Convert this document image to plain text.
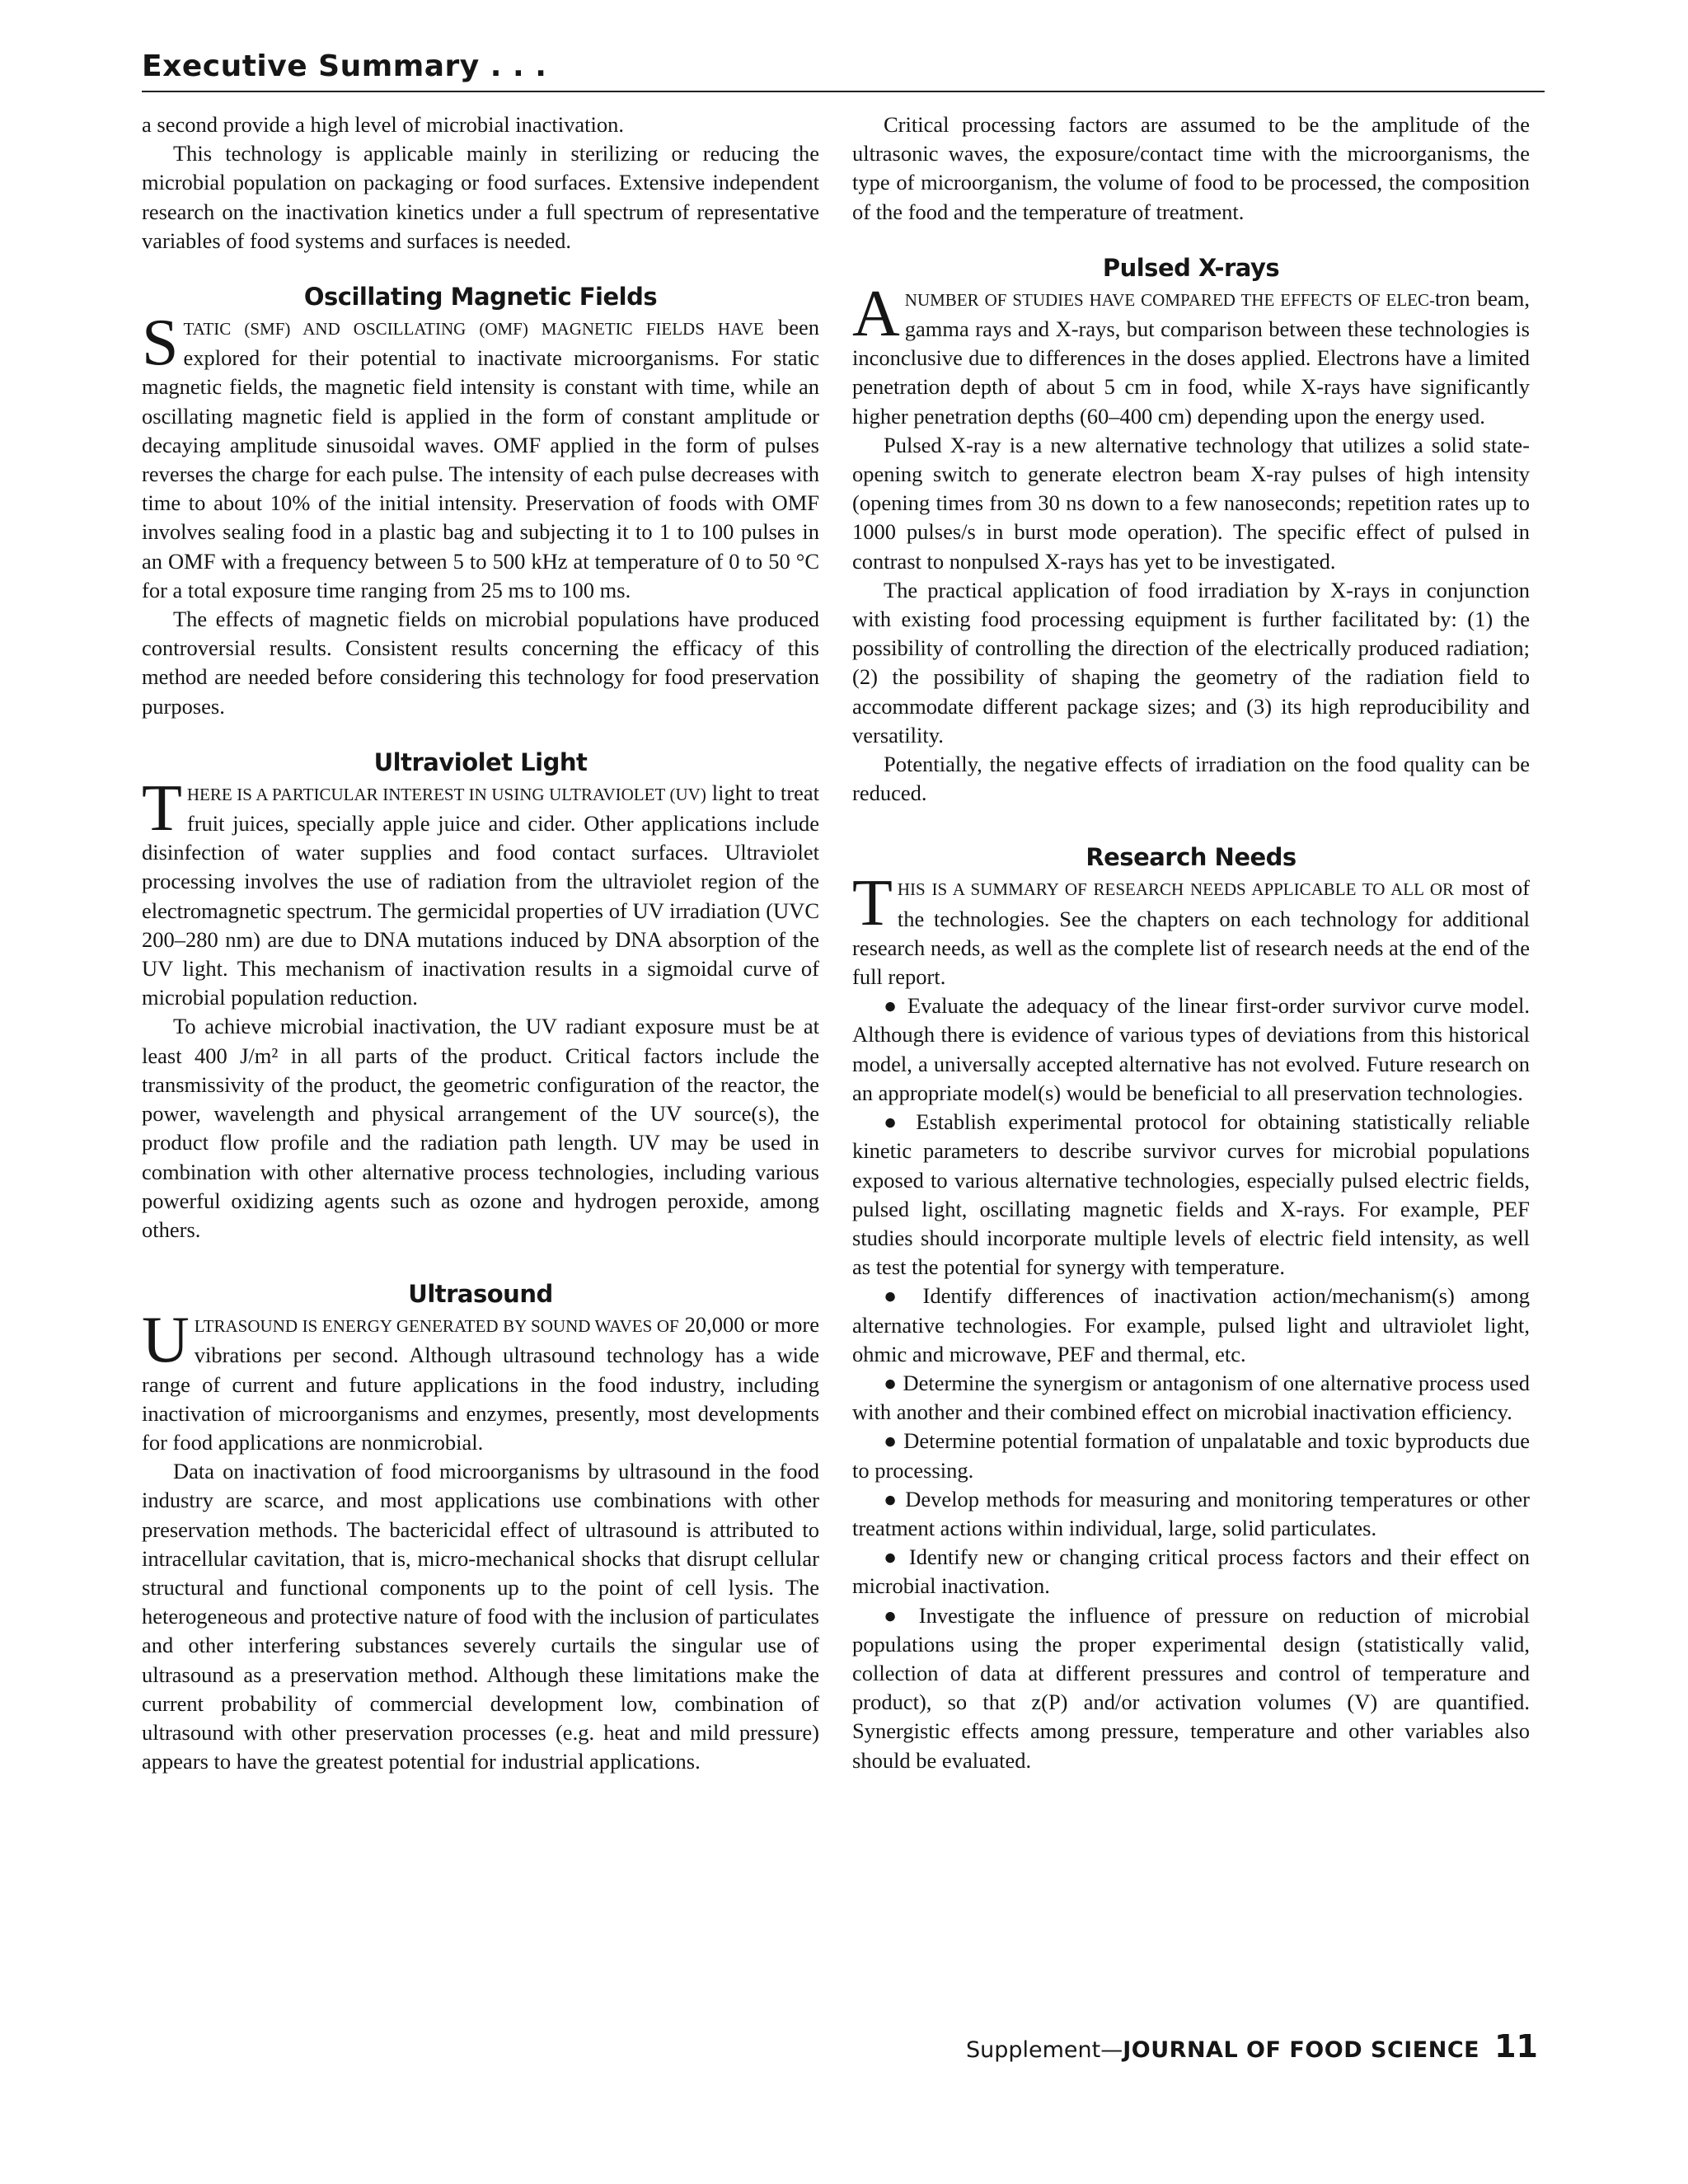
Executive Summary . . .

a second provide a high level of microbial inactivation.

This technology is applicable mainly in sterilizing or reducing the microbial population on packaging or food surfaces. Extensive independent research on the inactivation kinetics under a full spectrum of representative variables of food systems and surfaces is needed.

Oscillating Magnetic Fields

STATIC (SMF) AND OSCILLATING (OMF) MAGNETIC FIELDS HAVE been explored for their potential to inactivate microorganisms. For static magnetic fields, the magnetic field intensity is constant with time, while an oscillating magnetic field is applied in the form of constant amplitude or decaying amplitude sinusoidal waves. OMF applied in the form of pulses reverses the charge for each pulse. The intensity of each pulse decreases with time to about 10% of the initial intensity. Preservation of foods with OMF involves sealing food in a plastic bag and subjecting it to 1 to 100 pulses in an OMF with a frequency between 5 to 500 kHz at temperature of 0 to 50 °C for a total exposure time ranging from 25 ms to 100 ms.

The effects of magnetic fields on microbial populations have produced controversial results. Consistent results concerning the efficacy of this method are needed before considering this technology for food preservation purposes.

Ultraviolet Light

THERE IS A PARTICULAR INTEREST IN USING ULTRAVIOLET (UV) light to treat fruit juices, specially apple juice and cider. Other applications include disinfection of water supplies and food contact surfaces. Ultraviolet processing involves the use of radiation from the ultraviolet region of the electromagnetic spectrum. The germicidal properties of UV irradiation (UVC 200–280 nm) are due to DNA mutations induced by DNA absorption of the UV light. This mechanism of inactivation results in a sigmoidal curve of microbial population reduction.

To achieve microbial inactivation, the UV radiant exposure must be at least 400 J/m² in all parts of the product. Critical factors include the transmissivity of the product, the geometric configuration of the reactor, the power, wavelength and physical arrangement of the UV source(s), the product flow profile and the radiation path length. UV may be used in combination with other alternative process technologies, including various powerful oxidizing agents such as ozone and hydrogen peroxide, among others.

Ultrasound

ULTRASOUND IS ENERGY GENERATED BY SOUND WAVES OF 20,000 or more vibrations per second. Although ultrasound technology has a wide range of current and future applications in the food industry, including inactivation of microorganisms and enzymes, presently, most developments for food applications are nonmicrobial.

Data on inactivation of food microorganisms by ultrasound in the food industry are scarce, and most applications use combinations with other preservation methods. The bactericidal effect of ultrasound is attributed to intracellular cavitation, that is, micro-mechanical shocks that disrupt cellular structural and functional components up to the point of cell lysis. The heterogeneous and protective nature of food with the inclusion of particulates and other interfering substances severely curtails the singular use of ultrasound as a preservation method. Although these limitations make the current probability of commercial development low, combination of ultrasound with other preservation processes (e.g. heat and mild pressure) appears to have the greatest potential for industrial applications.

Critical processing factors are assumed to be the amplitude of the ultrasonic waves, the exposure/contact time with the microorganisms, the type of microorganism, the volume of food to be processed, the composition of the food and the temperature of treatment.

Pulsed X-rays

A NUMBER OF STUDIES HAVE COMPARED THE EFFECTS OF ELEC-tron beam, gamma rays and X-rays, but comparison between these technologies is inconclusive due to differences in the doses applied. Electrons have a limited penetration depth of about 5 cm in food, while X-rays have significantly higher penetration depths (60–400 cm) depending upon the energy used.

Pulsed X-ray is a new alternative technology that utilizes a solid state-opening switch to generate electron beam X-ray pulses of high intensity (opening times from 30 ns down to a few nanoseconds; repetition rates up to 1000 pulses/s in burst mode operation). The specific effect of pulsed in contrast to nonpulsed X-rays has yet to be investigated.

The practical application of food irradiation by X-rays in conjunction with existing food processing equipment is further facilitated by: (1) the possibility of controlling the direction of the electrically produced radiation; (2) the possibility of shaping the geometry of the radiation field to accommodate different package sizes; and (3) its high reproducibility and versatility.

Potentially, the negative effects of irradiation on the food quality can be reduced.

Research Needs

THIS IS A SUMMARY OF RESEARCH NEEDS APPLICABLE TO ALL OR most of the technologies. See the chapters on each technology for additional research needs, as well as the complete list of research needs at the end of the full report.

● Evaluate the adequacy of the linear first-order survivor curve model. Although there is evidence of various types of deviations from this historical model, a universally accepted alternative has not evolved. Future research on an appropriate model(s) would be beneficial to all preservation technologies.

● Establish experimental protocol for obtaining statistically reliable kinetic parameters to describe survivor curves for microbial populations exposed to various alternative technologies, especially pulsed electric fields, pulsed light, oscillating magnetic fields and X-rays. For example, PEF studies should incorporate multiple levels of electric field intensity, as well as test the potential for synergy with temperature.

● Identify differences of inactivation action/mechanism(s) among alternative technologies. For example, pulsed light and ultraviolet light, ohmic and microwave, PEF and thermal, etc.

● Determine the synergism or antagonism of one alternative process used with another and their combined effect on microbial inactivation efficiency.

● Determine potential formation of unpalatable and toxic byproducts due to processing.

● Develop methods for measuring and monitoring temperatures or other treatment actions within individual, large, solid particulates.

● Identify new or changing critical process factors and their effect on microbial inactivation.

● Investigate the influence of pressure on reduction of microbial populations using the proper experimental design (statistically valid, collection of data at different pressures and control of temperature and product), so that z(P) and/or activation volumes (V) are quantified. Synergistic effects among pressure, temperature and other variables also should be evaluated.

Supplement—JOURNAL OF FOOD SCIENCE 11
